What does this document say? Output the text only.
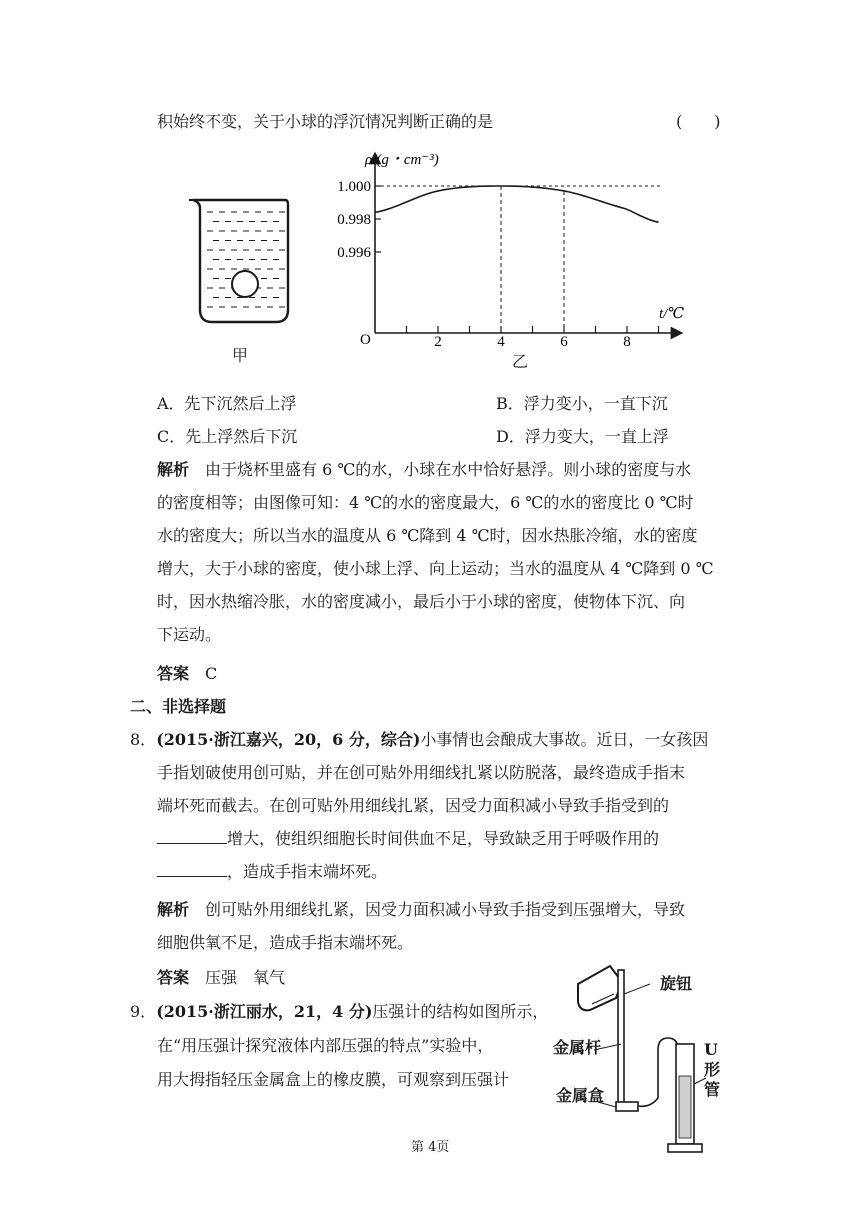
积始终不变，关于小球的浮沉情况判断正确的是	(　　)
甲
ρ/(g・cm⁻³)
t/℃
O	2	4	6	8
1.000
0.998
0.996
乙
A．先下沉然后上浮	B．浮力变小，一直下沉
C．先上浮然后下沉	D．浮力变大，一直上浮
解析 由于烧杯里盛有 6 ℃的水，小球在水中恰好悬浮。则小球的密度与水
的密度相等；由图像可知：4 ℃的水的密度最大，6 ℃的水的密度比 0 ℃时
水的密度大；所以当水的温度从 6 ℃降到 4 ℃时，因水热胀冷缩，水的密度
增大，大于小球的密度，使小球上浮、向上运动；当水的温度从 4 ℃降到 0 ℃
时，因水热缩冷胀，水的密度减小，最后小于小球的密度，使物体下沉、向
下运动。
答案 C
二、非选择题
8．(2015·浙江嘉兴，20，6 分，综合)小事情也会酿成大事故。近日，一女孩因
手指划破使用创可贴，并在创可贴外用细线扎紧以防脱落，最终造成手指末
端坏死而截去。在创可贴外用细线扎紧，因受力面积减小导致手指受到的
增大，使组织细胞长时间供血不足，导致缺乏用于呼吸作用的
，造成手指末端坏死。
解析 创可贴外用细线扎紧，因受力面积减小导致手指受到压强增大，导致
细胞供氧不足，造成手指末端坏死。
答案 压强　氧气
9．(2015·浙江丽水，21，4 分)压强计的结构如图所示，
在“用压强计探究液体内部压强的特点”实验中，
用大拇指轻压金属盒上的橡皮膜，可观察到压强计
旋钮
金属杆
金属盒
U
形
管
第 4页
